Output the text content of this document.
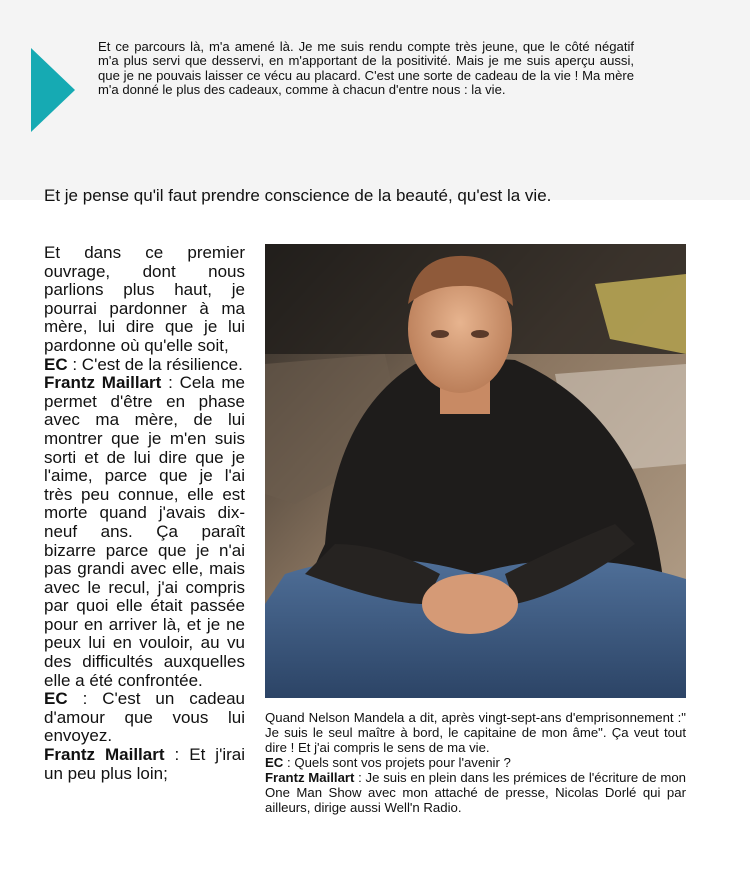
Et ce parcours là, m'a amené là. Je me suis rendu compte très jeune, que le côté négatif m'a plus servi que desservi, en m'apportant de la positivité. Mais je me suis aperçu aussi, que je ne pouvais laisser ce vécu au placard. C'est une sorte de cadeau de la vie ! Ma mère m'a donné le plus des cadeaux, comme à chacun d'entre nous : la vie.

Et je pense qu'il faut prendre conscience de la beauté, qu'est la vie.

Et dans ce premier ouvrage, dont nous parlions plus haut, je pourrai pardonner à ma mère, lui dire que je lui pardonne où qu'elle soit,
EC : C'est de la résilience.
Frantz Maillart : Cela me permet d'être en phase avec ma mère, de lui montrer que je m'en suis sorti et de lui dire que je l'aime, parce que je l'ai très peu connue, elle est morte quand j'avais dix-neuf ans. Ça paraît bizarre parce que je n'ai pas grandi avec elle, mais avec le recul, j'ai compris par quoi elle était passée pour en arriver là, et je ne peux lui en vouloir, au vu des difficultés auxquelles elle a été confrontée.
EC : C'est un cadeau d'amour que vous lui envoyez.
Frantz Maillart : Et j'irai un peu plus loin;

Quand Nelson Mandela a dit, après vingt-sept-ans d'emprisonnement :" Je suis le seul maître à bord, le capitaine de mon âme". Ça veut tout dire ! Et j'ai compris le sens de ma vie.
EC : Quels sont vos projets pour l'avenir ?
Frantz Maillart : Je suis en plein dans les prémices de l'écriture de mon One Man Show avec mon attaché de presse, Nicolas Dorlé qui par ailleurs, dirige aussi Well'n Radio.
